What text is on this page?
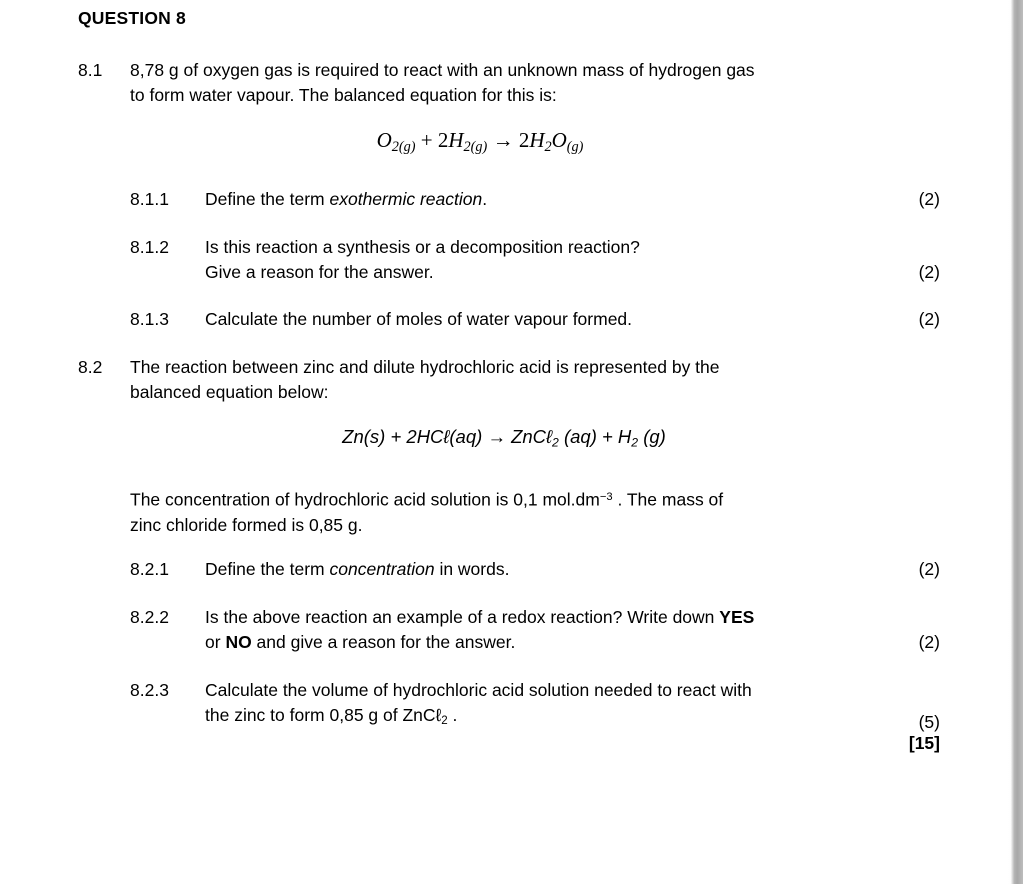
QUESTION 8
8.1	8,78 g of oxygen gas is required to react with an unknown mass of hydrogen gas
to form water vapour. The balanced equation for this is:
$O_{2(g)} + 2H_{2(g)} \to 2H_2O_{(g)}$
8.1.1	Define the term exothermic reaction.	(2)
8.1.2	Is this reaction a synthesis or a decomposition reaction?
Give a reason for the answer.	(2)
8.1.3	Calculate the number of moles of water vapour formed.	(2)
8.2	The reaction between zinc and dilute hydrochloric acid is represented by the
balanced equation below:
Zn(s) + 2HCℓ(aq) → ZnCℓ$_2$ $(aq) + H_2$ (g)
The concentration of hydrochloric acid solution is 0,1 $mol.dm^{-3}$ . The mass of
zinc chloride formed is 0,85 g.
8.2.1	Define the term concentration in words.	(2)
8.2.2	Is the above reaction an example of a redox reaction? Write down YES
or NO and give a reason for the answer.	(2)
8.2.3	Calculate the volume of hydrochloric acid solution needed to react with
the zinc to form 0,85 g of ZnCℓ$_2$ .	(5)
[15]
